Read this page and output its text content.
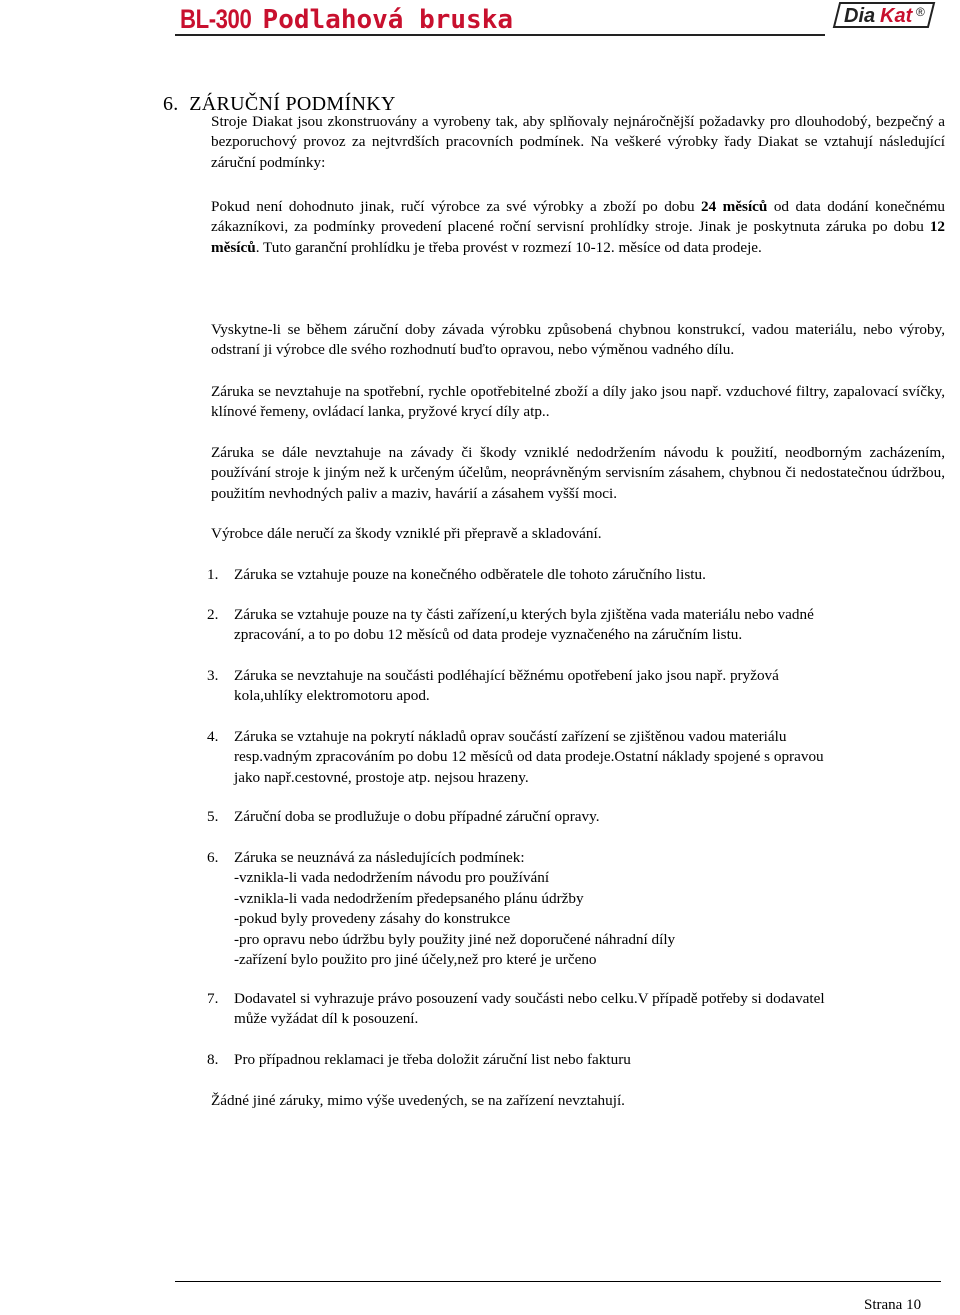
BL-300 Podlahová bruska	Dia Kat ®
6. ZÁRUČNÍ PODMÍNKY

Stroje Diakat jsou zkonstruovány a vyrobeny tak, aby splňovaly nejnáročnější požadavky pro dlouhodobý, bezpečný a bezporuchový provoz za nejtvrdších pracovních podmínek. Na veškeré výrobky řady Diakat se vztahují následující záruční podmínky:

Pokud není dohodnuto jinak, ručí výrobce za své výrobky a zboží po dobu 24 měsíců od data dodání konečnému zákazníkovi, za podmínky provedení placené roční servisní prohlídky stroje. Jinak je poskytnuta záruka po dobu 12 měsíců. Tuto garanční prohlídku je třeba provést v rozmezí 10-12. měsíce od data prodeje.

Vyskytne-li se během záruční doby závada výrobku způsobená chybnou konstrukcí, vadou materiálu, nebo výroby, odstraní ji výrobce dle svého rozhodnutí buďto opravou, nebo výměnou vadného dílu.

Záruka se nevztahuje na spotřební, rychle opotřebitelné zboží a díly jako jsou např. vzduchové filtry, zapalovací svíčky, klínové řemeny, ovládací lanka, pryžové krycí díly atp..

Záruka se dále nevztahuje na závady či škody vzniklé nedodržením návodu k použití, neodborným zacházením, používání stroje k jiným než k určeným účelům, neoprávněným servisním zásahem, chybnou či nedostatečnou údržbou, použitím nevhodných paliv a maziv, havárií a zásahem vyšší moci.

Výrobce dále neručí za škody vzniklé při přepravě a skladování.

1.	Záruka se vztahuje pouze na konečného odběratele dle tohoto záručního listu.
2.	Záruka se vztahuje pouze na ty části zařízení,u kterých byla zjištěna vada materiálu nebo vadné
zpracování, a to po dobu 12 měsíců od data prodeje vyznačeného na záručním listu.
3.	Záruka se nevztahuje na součásti podléhající běžnému opotřebení jako jsou např. pryžová
kola,uhlíky elektromotoru apod.
4.	Záruka se vztahuje na pokrytí nákladů oprav součástí zařízení se zjištěnou vadou materiálu
resp.vadným zpracováním po dobu 12 měsíců od data prodeje.Ostatní náklady spojené s opravou
jako např.cestovné, prostoje atp. nejsou hrazeny.
5.	Záruční doba se prodlužuje o dobu případné záruční opravy.
6.	Záruka se neuznává za následujících podmínek:
-vznikla-li vada nedodržením návodu pro používání
-vznikla-li vada nedodržením předepsaného plánu údržby
-pokud byly provedeny zásahy do konstrukce
-pro opravu nebo údržbu byly použity jiné než doporučené náhradní díly
-zařízení bylo použito pro jiné účely,než pro které je určeno
7.	Dodavatel si vyhrazuje právo posouzení vady součásti nebo celku.V případě potřeby si dodavatel
může vyžádat díl k posouzení.
8.	Pro případnou reklamaci je třeba doložit záruční list nebo fakturu

Žádné jiné záruky, mimo výše uvedených, se na zařízení nevztahují.

Strana 10
